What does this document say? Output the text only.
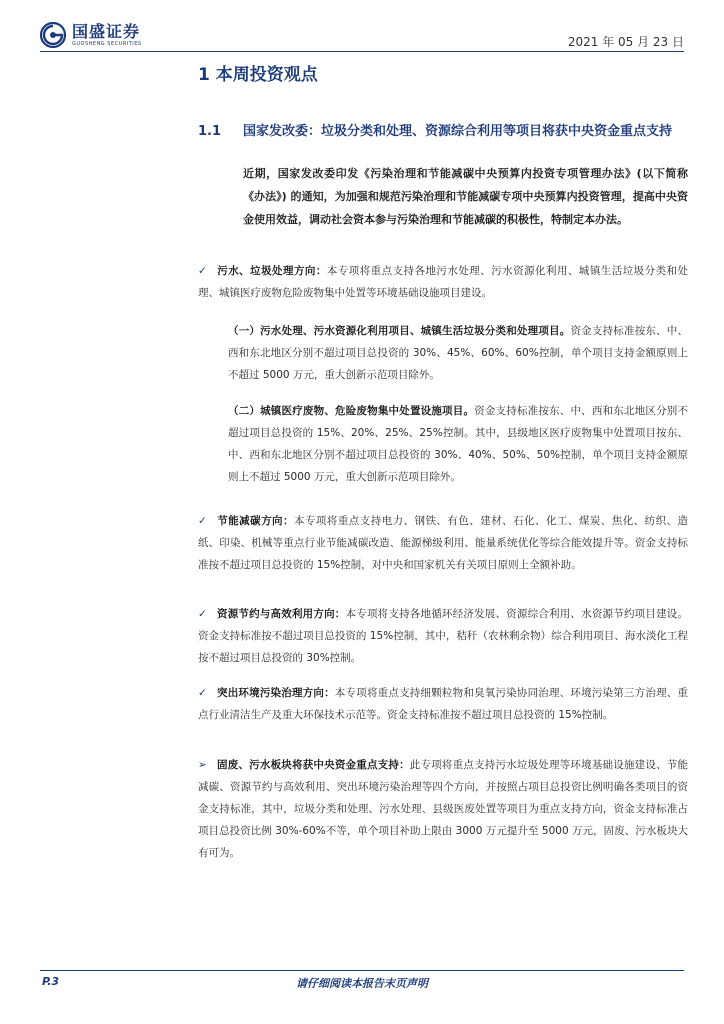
国盛证券
GUOSHENG SECURITIES	2021 年 05 月 23 日
1 本周投资观点
1.1	国家发改委：垃圾分类和处理、资源综合利用等项目将获中央资金重点支持
近期，国家发改委印发《污染治理和节能减碳中央预算内投资专项管理办法》(以下简称《办法》) 的通知，为加强和规范污染治理和节能减碳专项中央预算内投资管理，提高中央资金使用效益，调动社会资本参与污染治理和节能减碳的积极性，特制定本办法。
✓ 污水、垃圾处理方向：本专项将重点支持各地污水处理、污水资源化利用、城镇生活垃圾分类和处理、城镇医疗废物危险废物集中处置等环境基础设施项目建设。
（一）污水处理、污水资源化利用项目、城镇生活垃圾分类和处理项目。资金支持标准按东、中、西和东北地区分别不超过项目总投资的 30%、45%、60%、60%控制，单个项目支持金额原则上不超过 5000 万元，重大创新示范项目除外。
（二）城镇医疗废物、危险废物集中处置设施项目。资金支持标准按东、中、西和东北地区分别不超过项目总投资的 15%、20%、25%、25%控制。其中，县级地区医疗废物集中处置项目按东、中、西和东北地区分别不超过项目总投资的 30%、40%、50%、50%控制，单个项目支持金额原则上不超过 5000 万元，重大创新示范项目除外。
✓ 节能减碳方向：本专项将重点支持电力、钢铁、有色、建材、石化、化工、煤炭、焦化、纺织、造纸、印染、机械等重点行业节能减碳改造、能源梯级利用、能量系统优化等综合能效提升等。资金支持标准按不超过项目总投资的 15%控制，对中央和国家机关有关项目原则上全额补助。
✓ 资源节约与高效利用方向：本专项将支持各地循环经济发展、资源综合利用、水资源节约项目建设。资金支持标准按不超过项目总投资的 15%控制，其中，秸秆（农林剩余物）综合利用项目、海水淡化工程按不超过项目总投资的 30%控制。
✓ 突出环境污染治理方向：本专项将重点支持细颗粒物和臭氧污染协同治理、环境污染第三方治理、重点行业清洁生产及重大环保技术示范等。资金支持标准按不超过项目总投资的 15%控制。
➢ 固废、污水板块将获中央资金重点支持：此专项将重点支持污水垃圾处理等环境基础设施建设、节能减碳、资源节约与高效利用、突出环境污染治理等四个方向，并按照占项目总投资比例明确各类项目的资金支持标准，其中，垃圾分类和处理、污水处理、县级医废处置等项目为重点支持方向，资金支持标准占项目总投资比例 30%-60%不等，单个项目补助上限由 3000 万元提升至 5000 万元，固废、污水板块大有可为。
请仔细阅读本报告末页声明
P.3
